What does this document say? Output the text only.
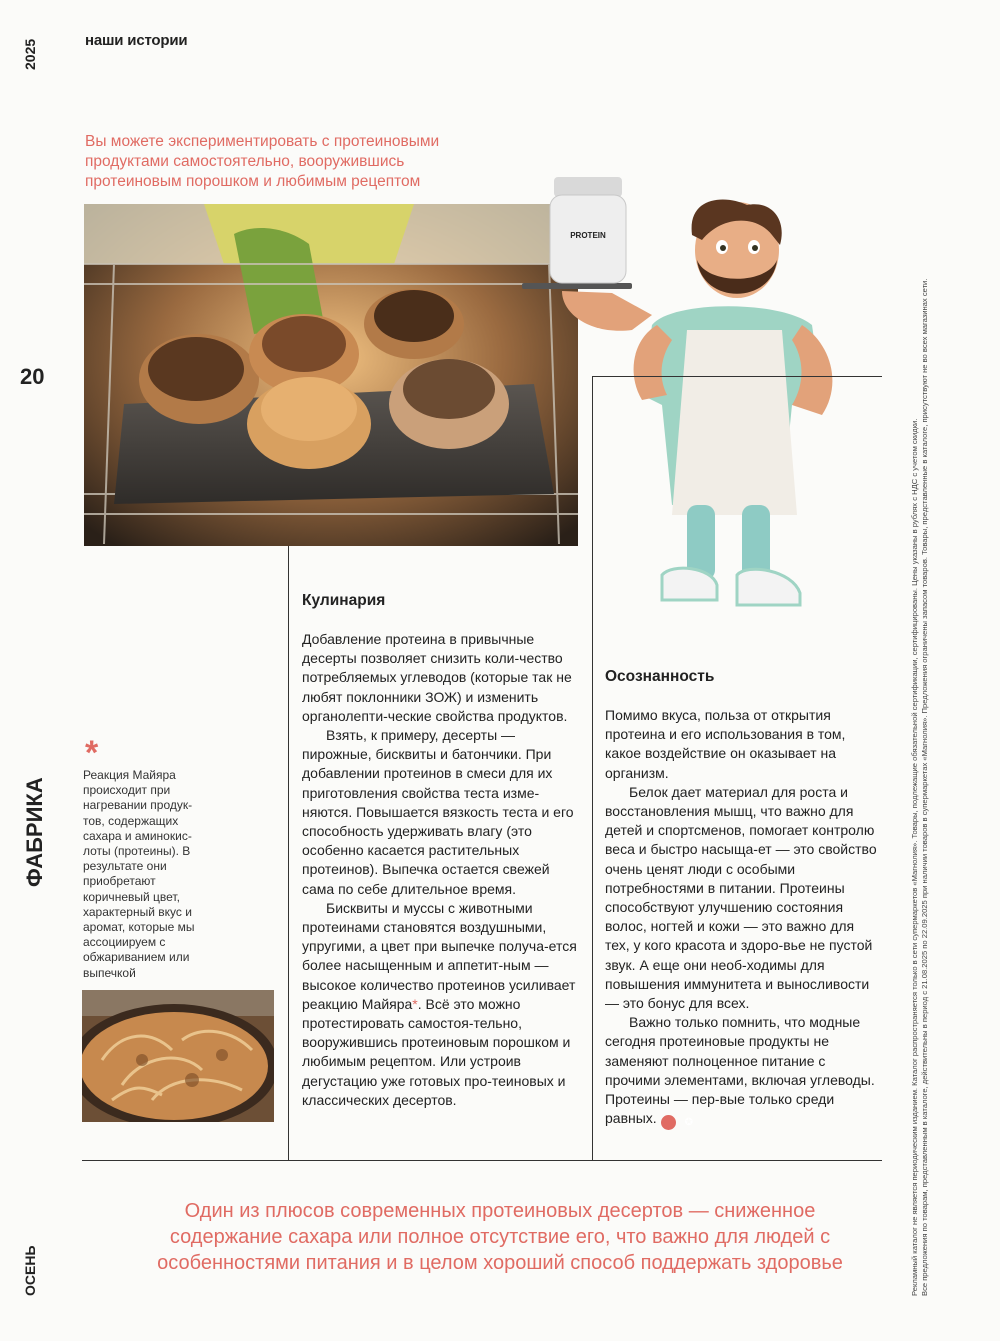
2025	наши истории
Вы можете экспериментировать с протеиновыми продуктами самостоятельно, вооружившись протеиновым порошком и любимым рецептом
20
ФАБРИКА
ОСЕНЬ
PROTEIN
Кулинария

Добавление протеина в привычные десерты позволяет снизить коли-чество потребляемых углеводов (которые так не любят поклонники ЗОЖ) и изменить органолепти-ческие свойства продуктов.

Взять, к примеру, десерты — пирожные, бисквиты и батончики. При добавлении протеинов в смеси для их приготовления свойства теста изме-няются. Повышается вязкость теста и его способность удерживать влагу (это особенно касается растительных протеинов). Выпечка остается свежей сама по себе длительное время.

Бисквиты и муссы с животными протеинами становятся воздушными, упругими, а цвет при выпечке получа-ется более насыщенным и аппетит-ным — высокое количество протеинов усиливает реакцию Майяра*. Всё это можно протестировать самостоя-тельно, вооружившись протеиновым порошком и любимым рецептом. Или устроив дегустацию уже готовых про-теиновых и классических десертов.

Осознанность

Помимо вкуса, польза от открытия протеина и его использования в том, какое воздействие он оказывает на организм.

Белок дает материал для роста и восстановления мышц, что важно для детей и спортсменов, помогает контролю веса и быстро насыща-ет — это свойство очень ценят люди с особыми потребностями в питании. Протеины способствуют улучшению состояния волос, ногтей и кожи — это важно для тех, у кого красота и здоро-вье не пустой звук. А еще они необ-ходимы для повышения иммунитета и выносливости — это бонус для всех.

Важно только помнить, что модные сегодня протеиновые продукты не заменяют полноценное питание с прочими элементами, включая углеводы. Протеины — пер-вые только среди равных.	✪

*
Реакция Майяра происходит при нагревании продук-тов, содержащих сахара и аминокис-лоты (протеины). В результате они приобретают коричневый цвет, характерный вкус и аромат, которые мы ассоциируем с обжариванием или выпечкой
Один из плюсов современных протеиновых десертов — сниженное содержание сахара или полное отсутствие его, что важно для людей с особенностями питания и в целом хороший способ поддержать здоровье	Рекламный каталог не является периодическим изданием. Каталог распространяется только в сети супермаркетов «Магнолия». Товары, подлежащие обязательной сертификации, сертифицированы. Цены указаны в рублях с НДС с учетом скидки. Все предложения по товарам, представленным в каталоге, действительны в период с 21.08.2025 по 22.09.2025 при наличии товаров в супермаркетах «Магнолия». Предложения ограничены запасом товаров. Товары, представленные в каталоге, присутствуют не во всех магазинах сети.
